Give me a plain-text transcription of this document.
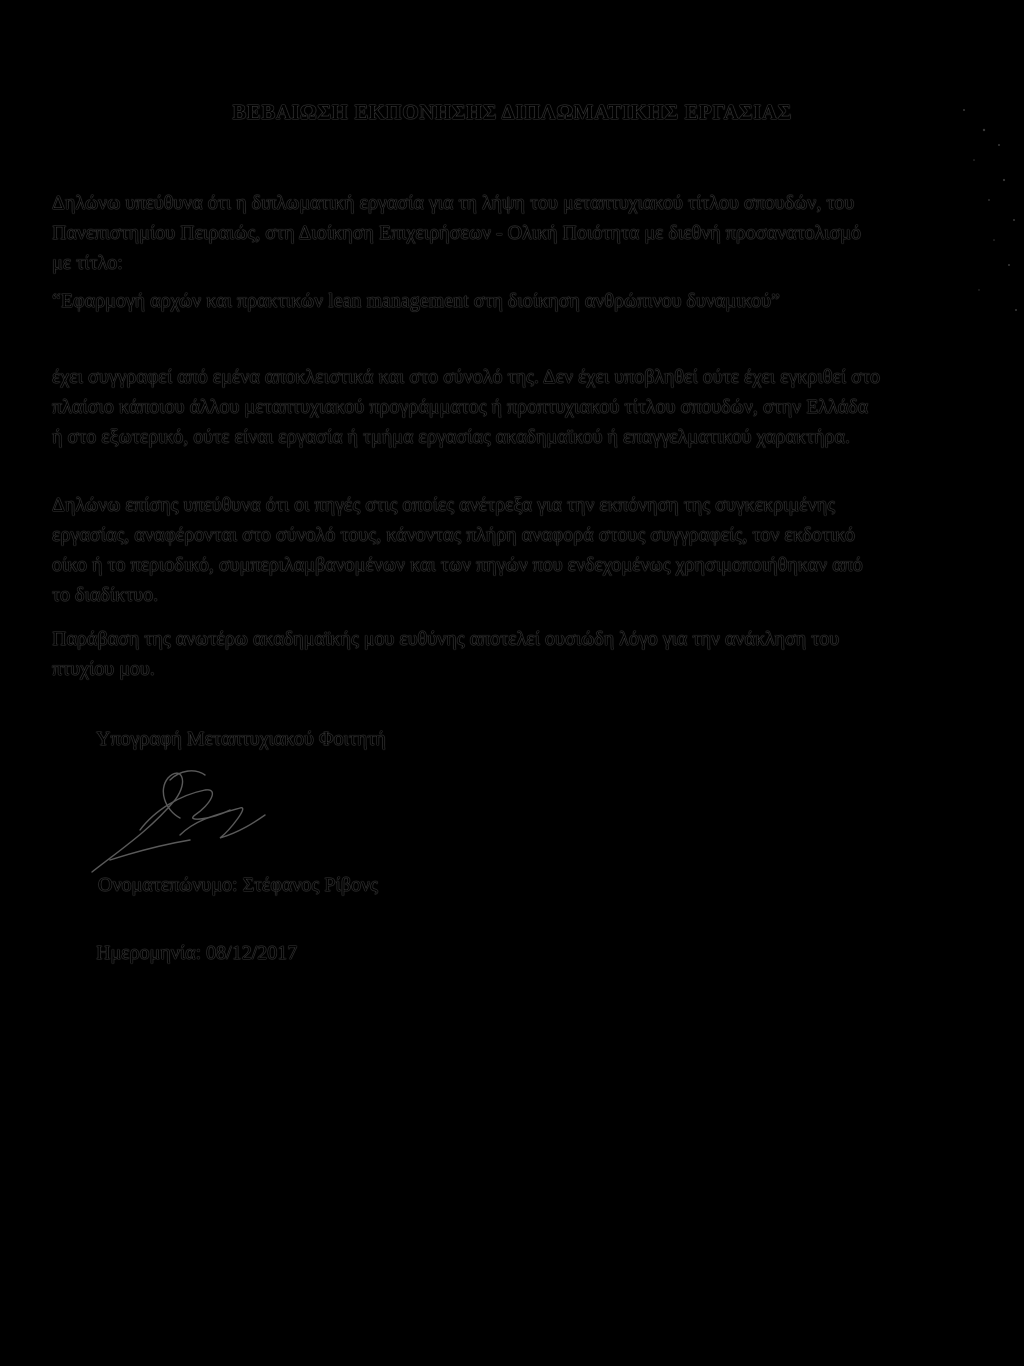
ΒΕΒΑΙΩΣΗ ΕΚΠΟΝΗΣΗΣ ΔΙΠΛΩΜΑΤΙΚΗΣ ΕΡΓΑΣΙΑΣ

Δηλώνω υπεύθυνα ότι η διπλωματική εργασία για τη λήψη του μεταπτυχιακού τίτλου σπουδών, του Πανεπιστημίου Πειραιώς, στη Διοίκηση Επιχειρήσεων - Ολική Ποιότητα με διεθνή προσανατολισμό με τίτλο:

“Εφαρμογή αρχών και πρακτικών lean management στη διοίκηση ανθρώπινου δυναμικού”

έχει συγγραφεί από εμένα αποκλειστικά και στο σύνολό της. Δεν έχει υποβληθεί ούτε έχει εγκριθεί στο πλαίσιο κάποιου άλλου μεταπτυχιακού προγράμματος ή προπτυχιακού τίτλου σπουδών, στην Ελλάδα ή στο εξωτερικό, ούτε είναι εργασία ή τμήμα εργασίας ακαδημαϊκού ή επαγγελματικού χαρακτήρα.

Δηλώνω επίσης υπεύθυνα ότι οι πηγές στις οποίες ανέτρεξα για την εκπόνηση της συγκεκριμένης εργασίας, αναφέρονται στο σύνολό τους, κάνοντας πλήρη αναφορά στους συγγραφείς, τον εκδοτικό οίκο ή το περιοδικό, συμπεριλαμβανομένων και των πηγών που ενδεχομένως χρησιμοποιήθηκαν από το διαδίκτυο.

Παράβαση της ανωτέρω ακαδημαϊκής μου ευθύνης αποτελεί ουσιώδη λόγο για την ανάκληση του πτυχίου μου.

Υπογραφή Μεταπτυχιακού Φοιτητή
Ονοματεπώνυμο: Στέφανος Ρίβονς
Ημερομηνία: 08/12/2017
